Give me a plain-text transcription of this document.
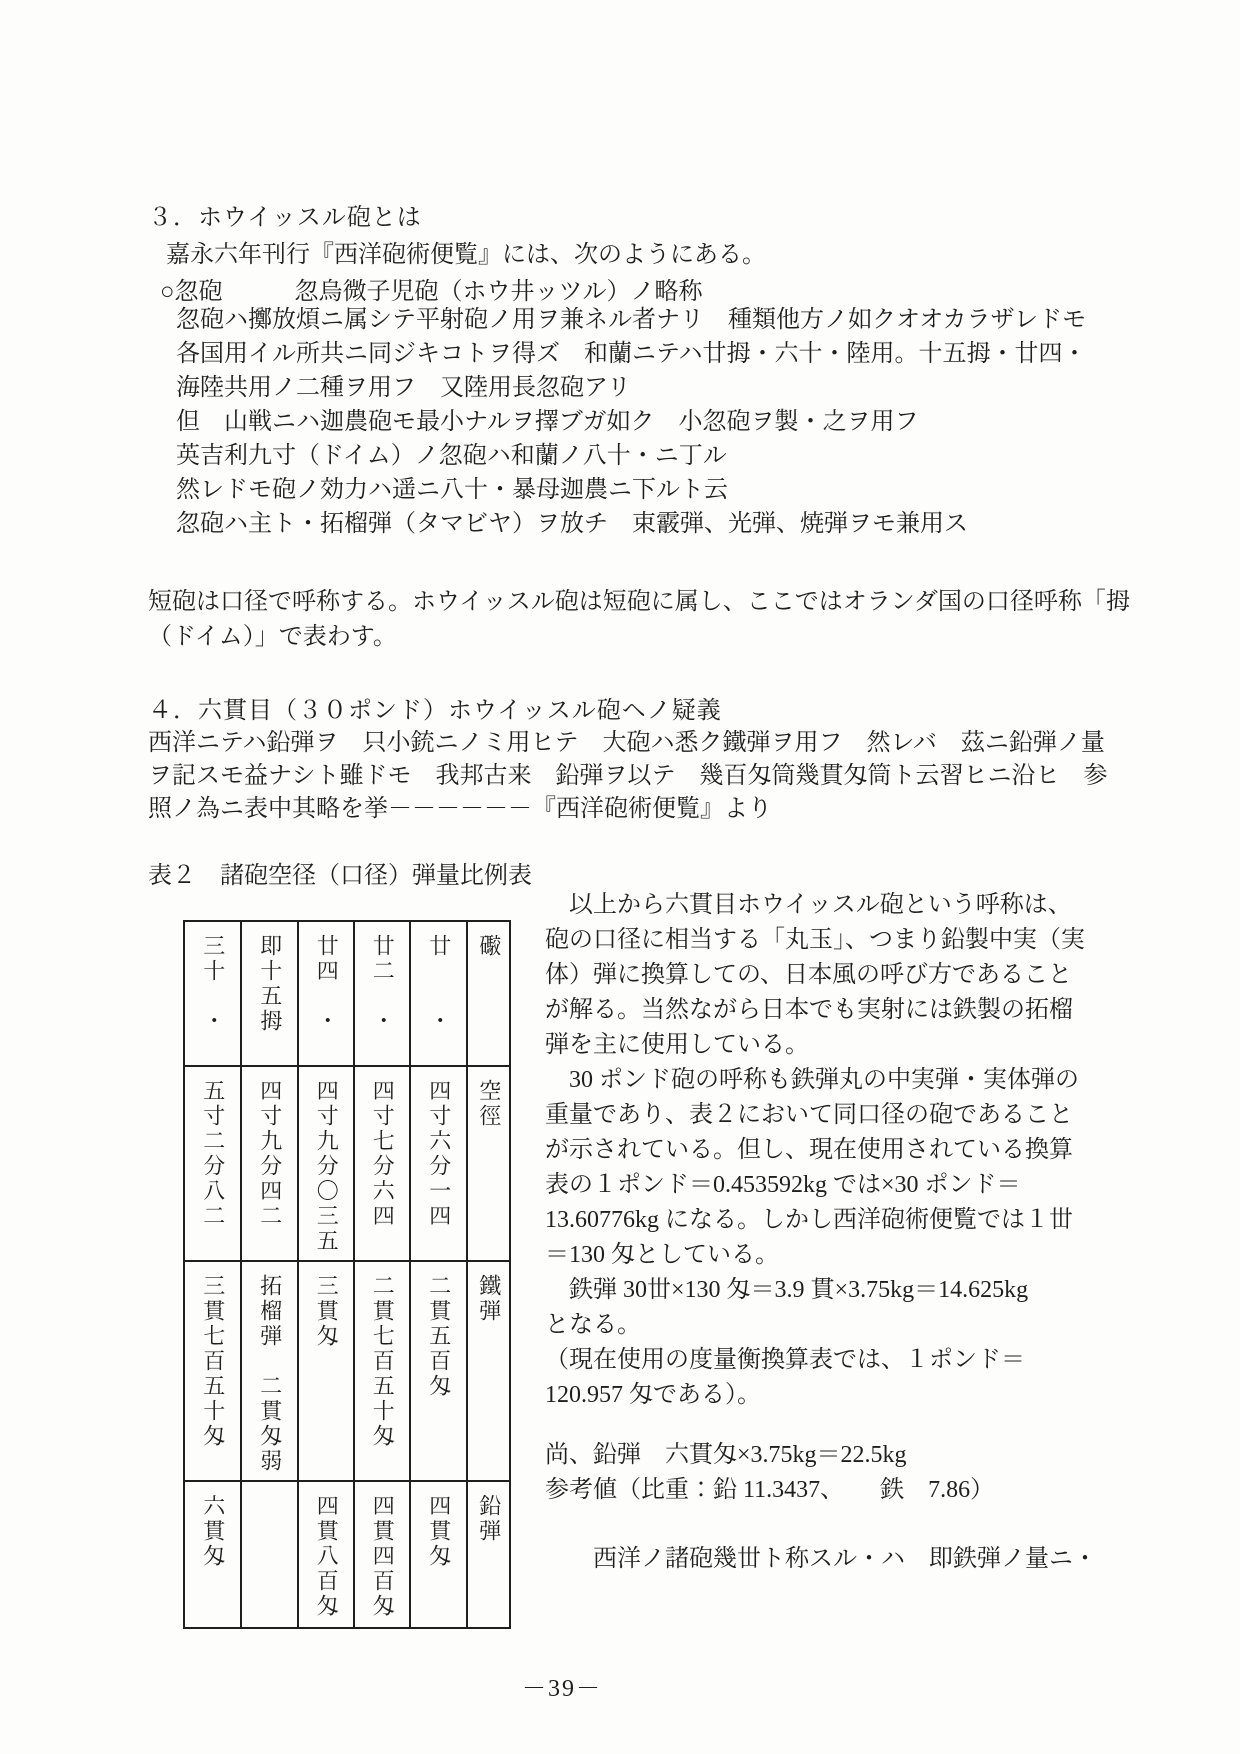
３．ホウイッスル砲とは
嘉永六年刊行『西洋砲術便覧』には、次のようにある。
○忽砲　　　忽烏微子児砲（ホウ井ッツル）ノ略称
忽砲ハ擲放煩ニ属シテ平射砲ノ用ヲ兼ネル者ナリ　種類他方ノ如クオオカラザレドモ
各国用イル所共ニ同ジキコトヲ得ズ　和蘭ニテハ廿拇・六十・陸用。十五拇・廿四・
海陸共用ノ二種ヲ用フ　又陸用長忽砲アリ
但　山戦ニハ迦農砲モ最小ナルヲ擇ブガ如ク　小忽砲ヲ製・之ヲ用フ
英吉利九寸（ドイム）ノ忽砲ハ和蘭ノ八十・ニ丁ル
然レドモ砲ノ効力ハ遥ニ八十・暴母迦農ニ下ルト云
忽砲ハ主ト・拓榴弾（タマビヤ）ヲ放チ　束霰弾、光弾、焼弾ヲモ兼用ス
短砲は口径で呼称する。ホウイッスル砲は短砲に属し、ここではオランダ国の口径呼称「拇
（ドイム）」で表わす。
４．六貫目（３０ポンド）ホウイッスル砲ヘノ疑義
西洋ニテハ鉛弾ヲ　只小銃ニノミ用ヒテ　大砲ハ悉ク鐵弾ヲ用フ　然レバ　茲ニ鉛弾ノ量
ヲ記スモ益ナシト雖ドモ　我邦古来　鉛弾ヲ以テ　幾百匁筒幾貫匁筒ト云習ヒニ沿ヒ　参
照ノ為ニ表中其略を挙－－－－－－『西洋砲術便覧』より
表２　諸砲空径（口径）弾量比例表
三十　・	即十五拇	廿四　・	廿二　・	廿　　・	礮
五寸二分八二	四寸九分四二	四寸九分〇三五	四寸七分六四	四寸六分一四	空徑
三貫七百五十匁	拓榴弾　二貫匁弱	三貫匁	二貫七百五十匁	二貫五百匁	鐵弾
六貫匁		四貫八百匁	四貫四百匁	四貫匁	鉛弾
　以上から六貫目ホウイッスル砲という呼称は、
砲の口径に相当する「丸玉」、つまり鉛製中実（実
体）弾に換算しての、日本風の呼び方であること
が解る。当然ながら日本でも実射には鉄製の拓榴
弾を主に使用している。
　30 ポンド砲の呼称も鉄弾丸の中実弾・実体弾の
重量であり、表２において同口径の砲であること
が示されている。但し、現在使用されている換算
表の１ポンド＝0.453592kg では×30 ポンド＝
13.60776kg になる。しかし西洋砲術便覧では１丗
＝130 匁としている。
　鉄弾 30丗×130 匁＝3.9 貫×3.75kg＝14.625kg
となる。
（現在使用の度量衡換算表では、１ポンド＝
120.957 匁である）。
尚、鉛弾　六貫匁×3.75kg＝22.5kg
参考値（比重：鉛 11.3437、　　鉄　7.86）
　　西洋ノ諸砲幾丗ト称スル・ハ　即鉄弾ノ量ニ・
－39－
